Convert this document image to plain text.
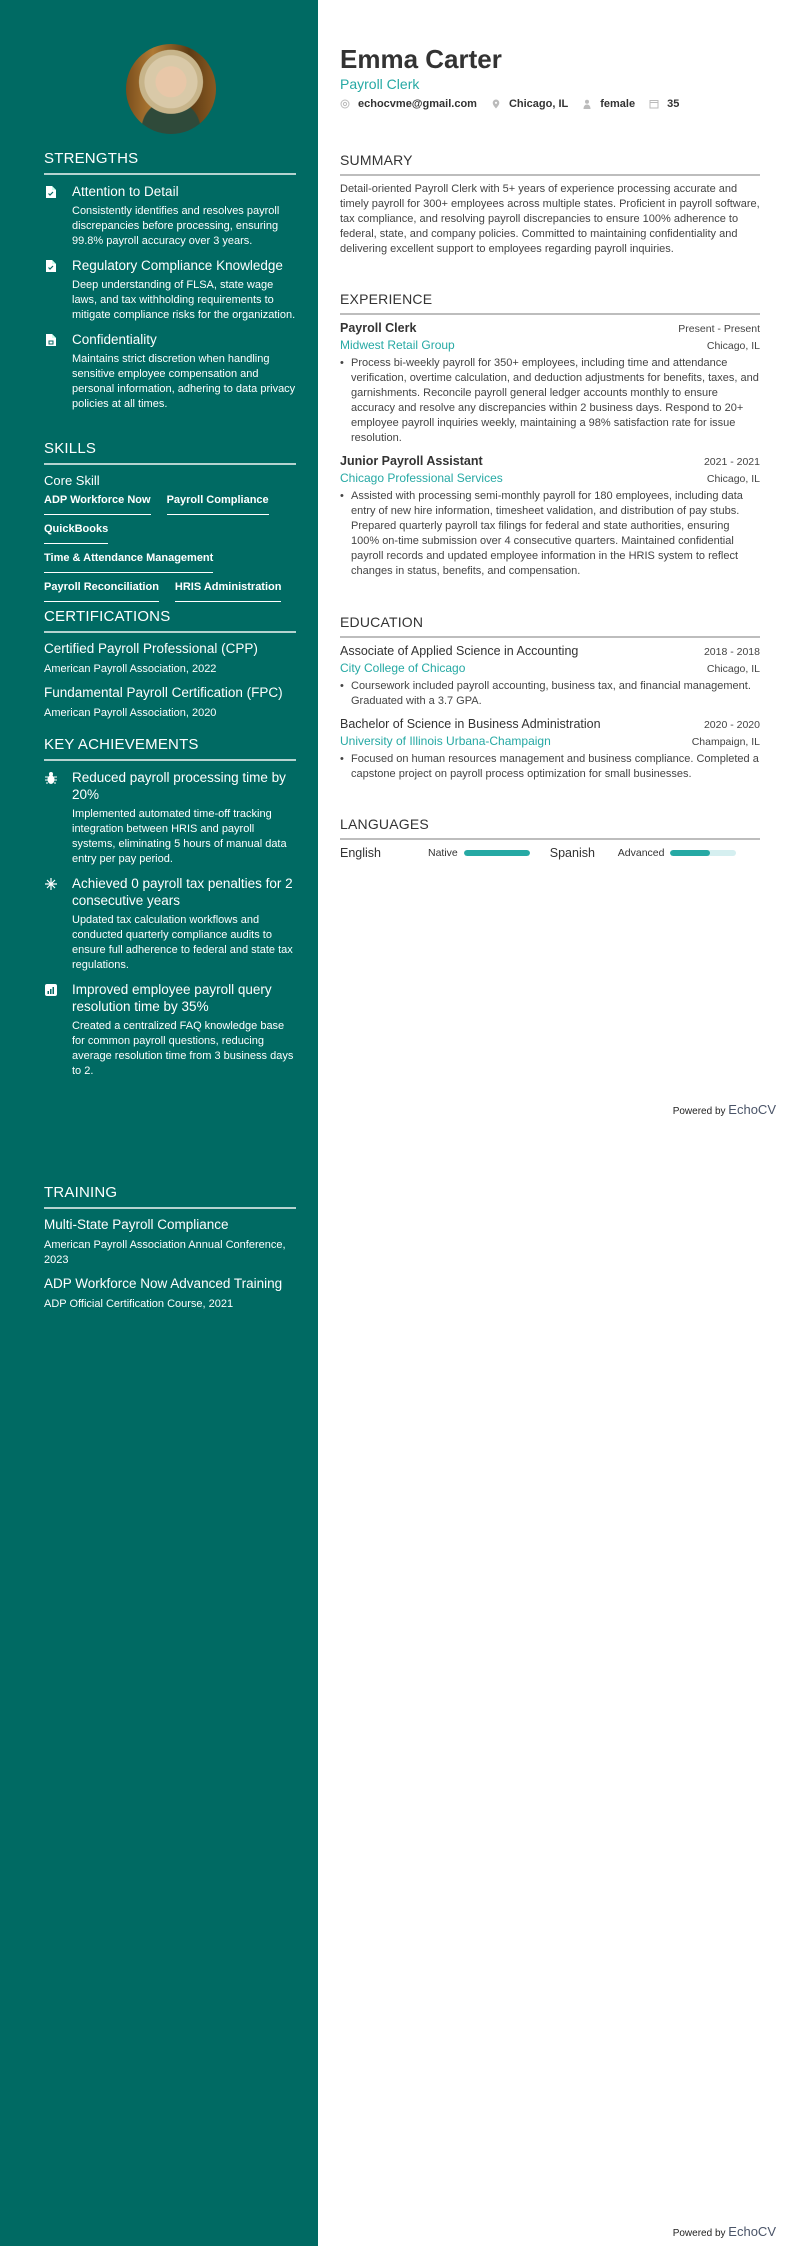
STRENGTHS
Attention to Detail
Consistently identifies and resolves payroll discrepancies before processing, ensuring 99.8% payroll accuracy over 3 years.
Regulatory Compliance Knowledge
Deep understanding of FLSA, state wage laws, and tax withholding requirements to mitigate compliance risks for the organization.
Confidentiality
Maintains strict discretion when handling sensitive employee compensation and personal information, adhering to data privacy policies at all times.
SKILLS
Core Skill
ADP Workforce Now Payroll Compliance
QuickBooks
Time & Attendance Management
Payroll Reconciliation HRIS Administration
CERTIFICATIONS
Certified Payroll Professional (CPP)
American Payroll Association, 2022
Fundamental Payroll Certification (FPC)
American Payroll Association, 2020
KEY ACHIEVEMENTS
Reduced payroll processing time by 20%
Implemented automated time-off tracking integration between HRIS and payroll systems, eliminating 5 hours of manual data entry per pay period.
Achieved 0 payroll tax penalties for 2 consecutive years
Updated tax calculation workflows and conducted quarterly compliance audits to ensure full adherence to federal and state tax regulations.
Improved employee payroll query resolution time by 35%
Created a centralized FAQ knowledge base for common payroll questions, reducing average resolution time from 3 business days to 2.
TRAINING
Multi-State Payroll Compliance
American Payroll Association Annual Conference, 2023
ADP Workforce Now Advanced Training
ADP Official Certification Course, 2021
Emma Carter
Payroll Clerk
echocvme@gmail.com	Chicago, IL	female	35
SUMMARY
Detail-oriented Payroll Clerk with 5+ years of experience processing accurate and timely payroll for 300+ employees across multiple states. Proficient in payroll software, tax compliance, and resolving payroll discrepancies to ensure 100% adherence to federal, state, and company policies. Committed to maintaining confidentiality and delivering excellent support to employees regarding payroll inquiries.
EXPERIENCE
Payroll Clerk	Present - Present
Midwest Retail Group	Chicago, IL
• Process bi-weekly payroll for 350+ employees, including time and attendance verification, overtime calculation, and deduction adjustments for benefits, taxes, and garnishments. Reconcile payroll general ledger accounts monthly to ensure accuracy and resolve any discrepancies within 2 business days. Respond to 20+ employee payroll inquiries weekly, maintaining a 98% satisfaction rate for issue resolution.
Junior Payroll Assistant	2021 - 2021
Chicago Professional Services	Chicago, IL
• Assisted with processing semi-monthly payroll for 180 employees, including data entry of new hire information, timesheet validation, and distribution of pay stubs. Prepared quarterly payroll tax filings for federal and state authorities, ensuring 100% on-time submission over 4 consecutive quarters. Maintained confidential payroll records and updated employee information in the HRIS system to reflect changes in status, benefits, and compensation.
EDUCATION
Associate of Applied Science in Accounting	2018 - 2018
City College of Chicago	Chicago, IL
• Coursework included payroll accounting, business tax, and financial management. Graduated with a 3.7 GPA.
Bachelor of Science in Business Administration	2020 - 2020
University of Illinois Urbana-Champaign	Champaign, IL
• Focused on human resources management and business compliance. Completed a capstone project on payroll process optimization for small businesses.
LANGUAGES
English	Native	Spanish	Advanced
Powered by EchoCV
Powered by EchoCV
